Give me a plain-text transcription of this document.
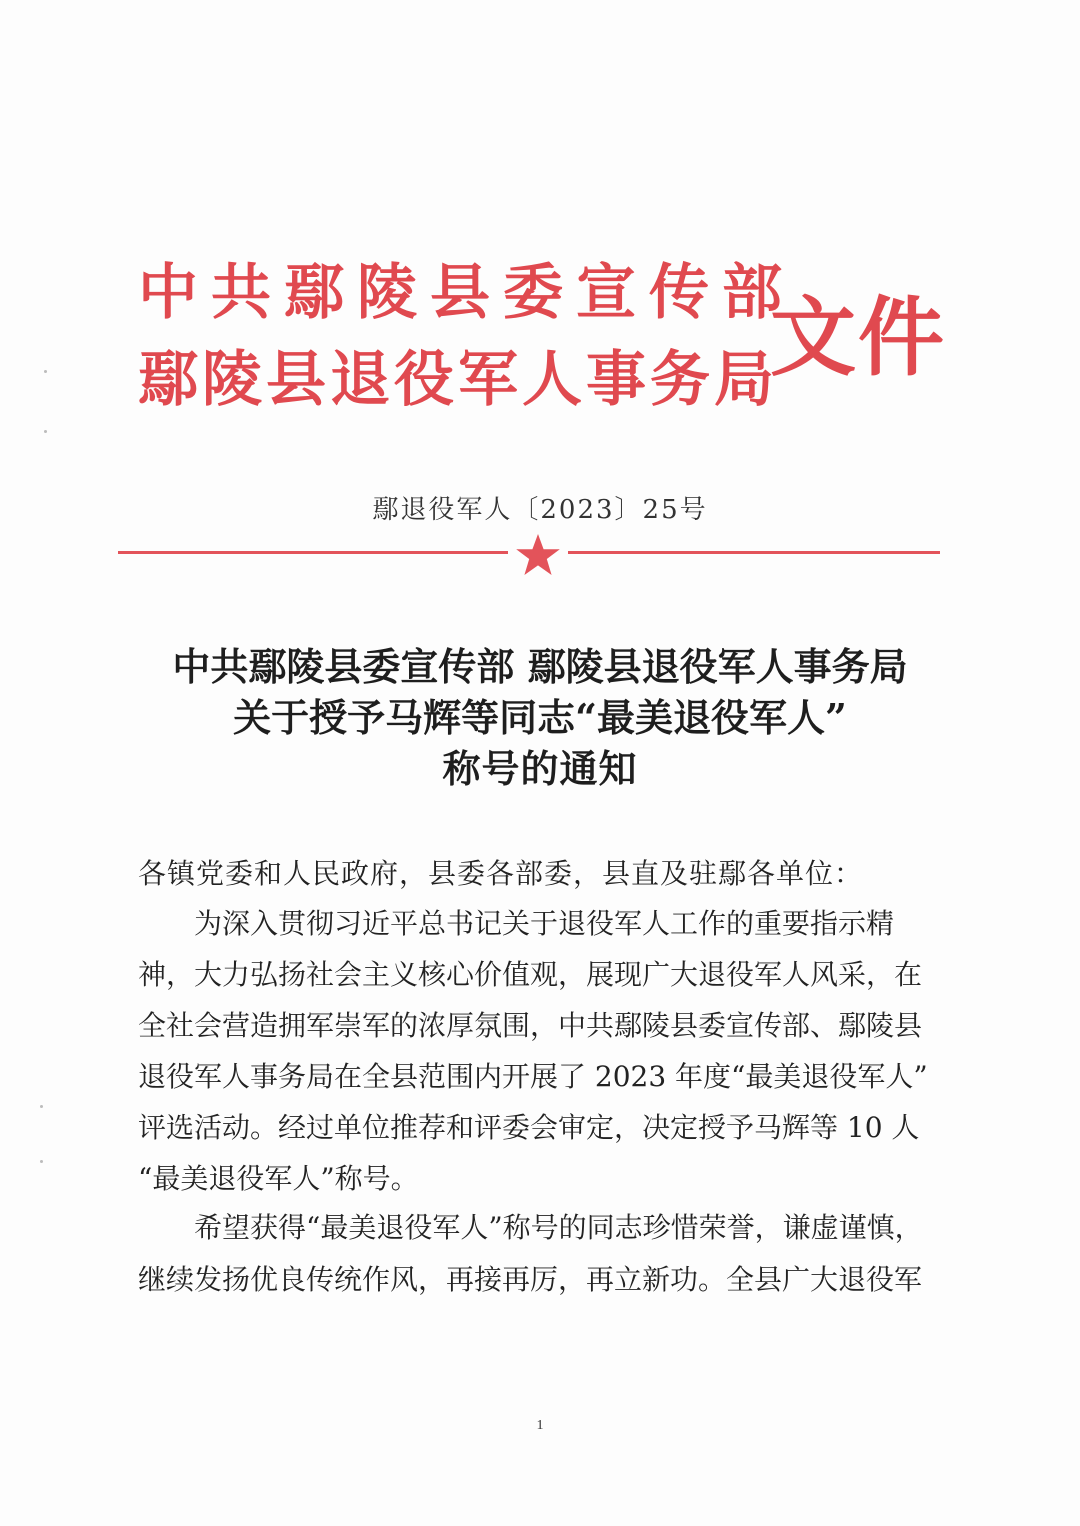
中共鄢陵县委宣传部
鄢陵县退役军人事务局
文件
鄢退役军人〔2023〕25号
中共鄢陵县委宣传部 鄢陵县退役军人事务局
关于授予马辉等同志“最美退役军人”
称号的通知
各镇党委和人民政府，县委各部委，县直及驻鄢各单位：
　　为深入贯彻习近平总书记关于退役军人工作的重要指示精
神，大力弘扬社会主义核心价值观，展现广大退役军人风采，在
全社会营造拥军崇军的浓厚氛围，中共鄢陵县委宣传部、鄢陵县
退役军人事务局在全县范围内开展了 2023 年度“最美退役军人”
评选活动。经过单位推荐和评委会审定，决定授予马辉等 10 人
“最美退役军人”称号。
　　希望获得“最美退役军人”称号的同志珍惜荣誉，谦虚谨慎，
继续发扬优良传统作风，再接再厉，再立新功。全县广大退役军
1
